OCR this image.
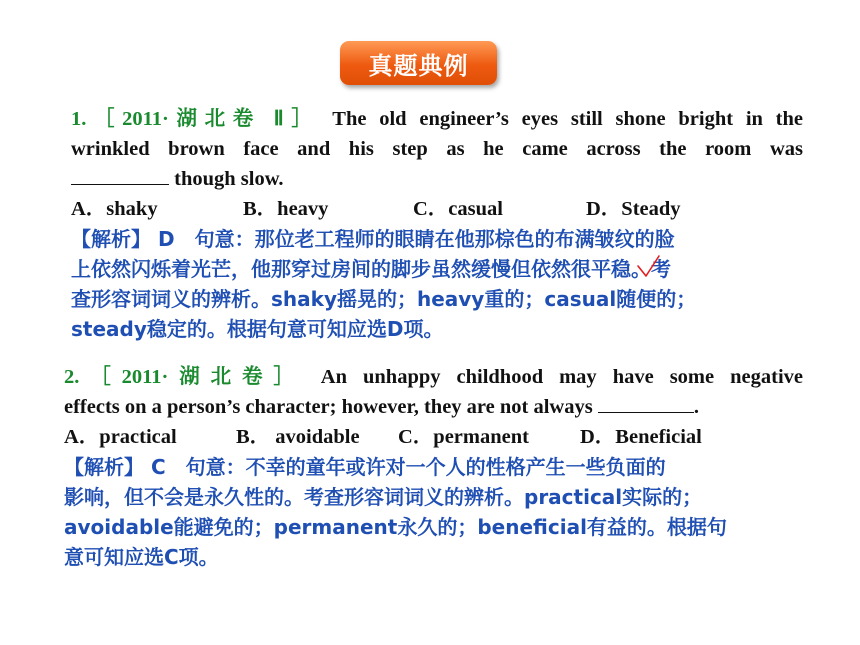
真题典例
1.［2011·湖北卷 Ⅱ］ The old engineer’s eyes still shone bright in the
wrinkled brown face and his step as he came across the room was
though slow.
A．shaky	B．heavy	C．casual	D．Steady
【解析】 D　句意：那位老工程师的眼睛在他那棕色的布满皱纹的脸
上依然闪烁着光芒，他那穿过房间的脚步虽然缓慢但依然很平稳。考
查形容词词义的辨析。shaky摇晃的；heavy重的；casual随便的；
steady稳定的。根据句意可知应选D项。
2.［2011·湖北卷］ An unhappy childhood may have some negative
effects on a person’s character; however, they are not always	.
A．practical	B． avoidable C．permanent D．Beneficial
【解析】 C　句意：不幸的童年或许对一个人的性格产生一些负面的
影响，但不会是永久性的。考查形容词词义的辨析。practical实际的；
avoidable能避免的；permanent永久的；beneficial有益的。根据句
意可知应选C项。
